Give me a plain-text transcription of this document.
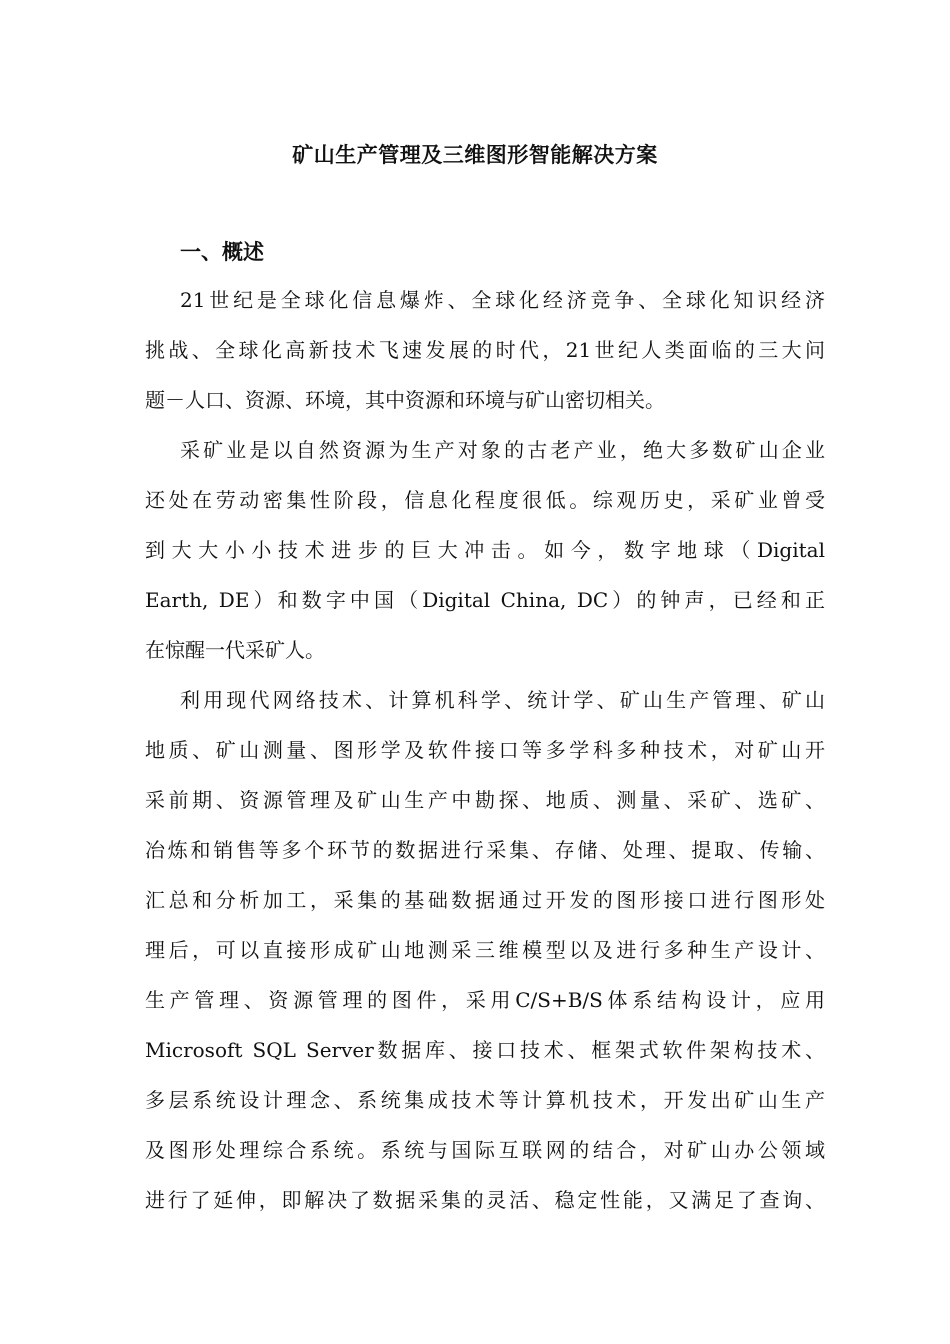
矿山生产管理及三维图形智能解决方案
一、概述
21世纪是全球化信息爆炸、全球化经济竞争、全球化知识经济
挑战、全球化高新技术飞速发展的时代，21世纪人类面临的三大问
题－人口、资源、环境，其中资源和环境与矿山密切相关。
采矿业是以自然资源为生产对象的古老产业，绝大多数矿山企业
还处在劳动密集性阶段，信息化程度很低。综观历史，采矿业曾受
到大大小小技术进步的巨大冲击。如今，数字地球（Digital
Earth, DE）和数字中国（Digital China, DC）的钟声，已经和正
在惊醒一代采矿人。
利用现代网络技术、计算机科学、统计学、矿山生产管理、矿山
地质、矿山测量、图形学及软件接口等多学科多种技术，对矿山开
采前期、资源管理及矿山生产中勘探、地质、测量、采矿、选矿、
冶炼和销售等多个环节的数据进行采集、存储、处理、提取、传输、
汇总和分析加工，采集的基础数据通过开发的图形接口进行图形处
理后，可以直接形成矿山地测采三维模型以及进行多种生产设计、
生产管理、资源管理的图件，采用C/S+B/S体系结构设计，应用
Microsoft SQL Server数据库、接口技术、框架式软件架构技术、
多层系统设计理念、系统集成技术等计算机技术，开发出矿山生产
及图形处理综合系统。系统与国际互联网的结合，对矿山办公领域
进行了延伸，即解决了数据采集的灵活、稳定性能，又满足了查询、
